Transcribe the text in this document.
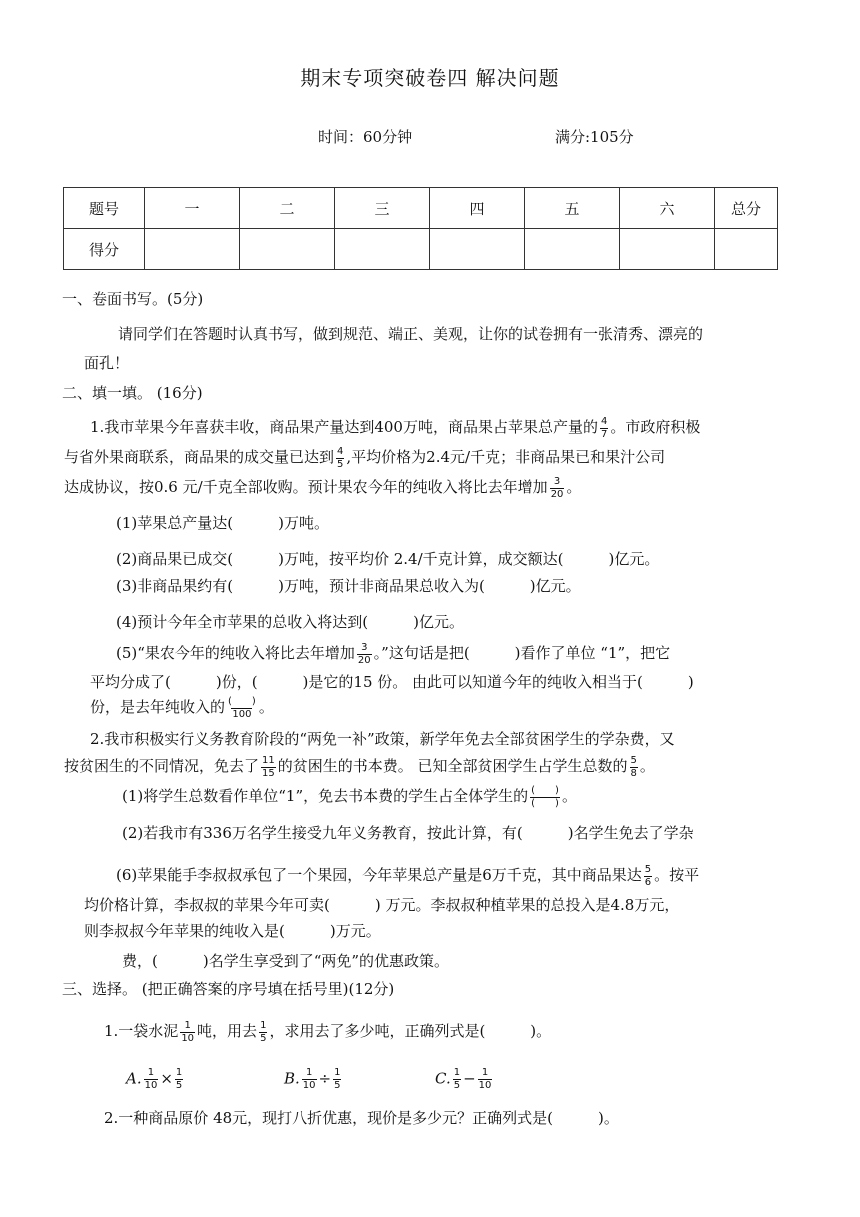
期末专项突破卷四 解决问题
时间：60分钟	满分:105分
题号	一	二	三	四	五	六	总分
得分							
一、卷面书写。(5分)
请同学们在答题时认真书写，做到规范、端正、美观，让你的试卷拥有一张清秀、漂亮的
面孔！
二、填一填。 (16分)
1.我市苹果今年喜获丰收，商品果产量达到400万吨，商品果占苹果总产量的 $\frac{4}{7}$ 。市政府积极
与省外果商联系，商品果的成交量已达到 $\frac{4}{5}$ ,平均价格为2.4元/千克；非商品果已和果汁公司
达成协议，按0.6 元/千克全部收购。预计果农今年的纯收入将比去年增加 $\frac{3}{20}$ 。
(1)苹果总产量达(　　　)万吨。
(2)商品果已成交(　　　)万吨，按平均价 2.4/千克计算，成交额达(　　　)亿元。
(3)非商品果约有(　　　)万吨，预计非商品果总收入为(　　　)亿元。
(4)预计今年全市苹果的总收入将达到(　　　)亿元。
(5)“果农今年的纯收入将比去年增加 $\frac{3}{20}$ 。”这句话是把(　　　)看作了单位 “1”，把它
平均分成了(　　　)份，(　　　)是它的15 份。 由此可以知道今年的纯收入相当于(　　　)
份，是去年纯收入的 $\frac{( )}{100}$ 。
2.我市积极实行义务教育阶段的“两免一补”政策，新学年免去全部贫困学生的学杂费，又
按贫困生的不同情况，免去了 $\frac{11}{15}$ 的贫困生的书本费。 已知全部贫困学生占学生总数的 $\frac{5}{8}$ 。
(1)将学生总数看作单位“1”，免去书本费的学生占全体学生的 $\frac{( )}{( )}$ 。
(2)若我市有336万名学生接受九年义务教育，按此计算，有(　　　)名学生免去了学杂
(6)苹果能手李叔叔承包了一个果园，今年苹果总产量是6万千克，其中商品果达 $\frac{5}{6}$ 。按平
均价格计算，李叔叔的苹果今年可卖(　　　) 万元。李叔叔种植苹果的总投入是4.8万元，
则李叔叔今年苹果的纯收入是(　　　)万元。
费，(　　　)名学生享受到了“两免”的优惠政策。
三、选择。 (把正确答案的序号填在括号里)(12分)
1.一袋水泥 $\frac{1}{10}$ 吨，用去 $\frac{1}{5}$ ，求用去了多少吨，正确列式是(　　　)。
A. $\frac{1}{10} \times \frac{1}{5}$	B. $\frac{1}{10} \div \frac{1}{5}$	C. $\frac{1}{5} - \frac{1}{10}$
2.一种商品原价 48元，现打八折优惠，现价是多少元？正确列式是(　　　)。
